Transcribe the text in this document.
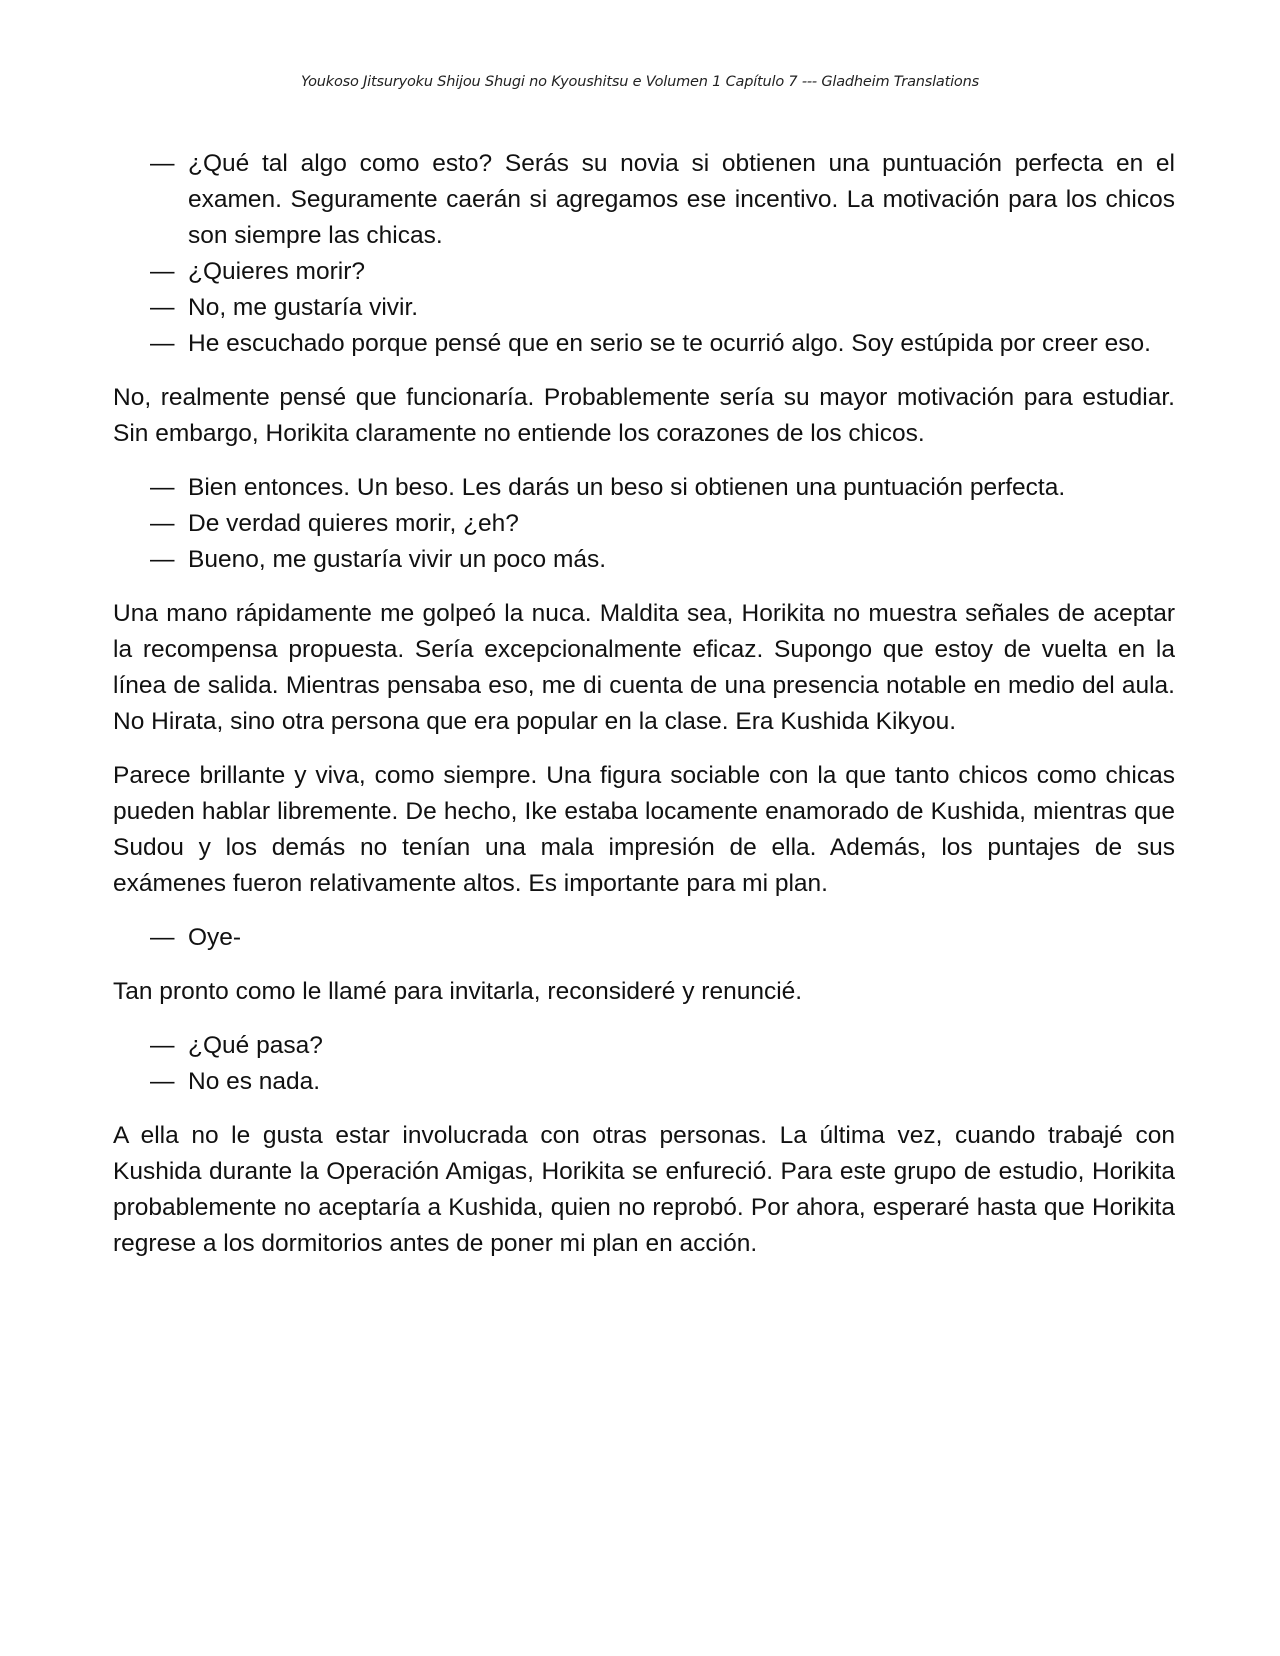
Youkoso Jitsuryoku Shijou Shugi no Kyoushitsu e Volumen 1 Capítulo 7 --- Gladheim Translations
— ¿Qué tal algo como esto? Serás su novia si obtienen una puntuación perfecta en el examen. Seguramente caerán si agregamos ese incentivo. La motivación para los chicos son siempre las chicas.
— ¿Quieres morir?
— No, me gustaría vivir.
— He escuchado porque pensé que en serio se te ocurrió algo. Soy estúpida por creer eso.

No, realmente pensé que funcionaría. Probablemente sería su mayor motivación para estudiar. Sin embargo, Horikita claramente no entiende los corazones de los chicos.

— Bien entonces. Un beso. Les darás un beso si obtienen una puntuación perfecta.
— De verdad quieres morir, ¿eh?
— Bueno, me gustaría vivir un poco más.

Una mano rápidamente me golpeó la nuca. Maldita sea, Horikita no muestra señales de aceptar la recompensa propuesta. Sería excepcionalmente eficaz. Supongo que estoy de vuelta en la línea de salida. Mientras pensaba eso, me di cuenta de una presencia notable en medio del aula. No Hirata, sino otra persona que era popular en la clase. Era Kushida Kikyou.

Parece brillante y viva, como siempre. Una figura sociable con la que tanto chicos como chicas pueden hablar libremente. De hecho, Ike estaba locamente enamorado de Kushida, mientras que Sudou y los demás no tenían una mala impresión de ella. Además, los puntajes de sus exámenes fueron relativamente altos. Es importante para mi plan.

— Oye-

Tan pronto como le llamé para invitarla, reconsideré y renuncié.

— ¿Qué pasa?
— No es nada.

A ella no le gusta estar involucrada con otras personas. La última vez, cuando trabajé con Kushida durante la Operación Amigas, Horikita se enfureció. Para este grupo de estudio, Horikita probablemente no aceptaría a Kushida, quien no reprobó. Por ahora, esperaré hasta que Horikita regrese a los dormitorios antes de poner mi plan en acción.
